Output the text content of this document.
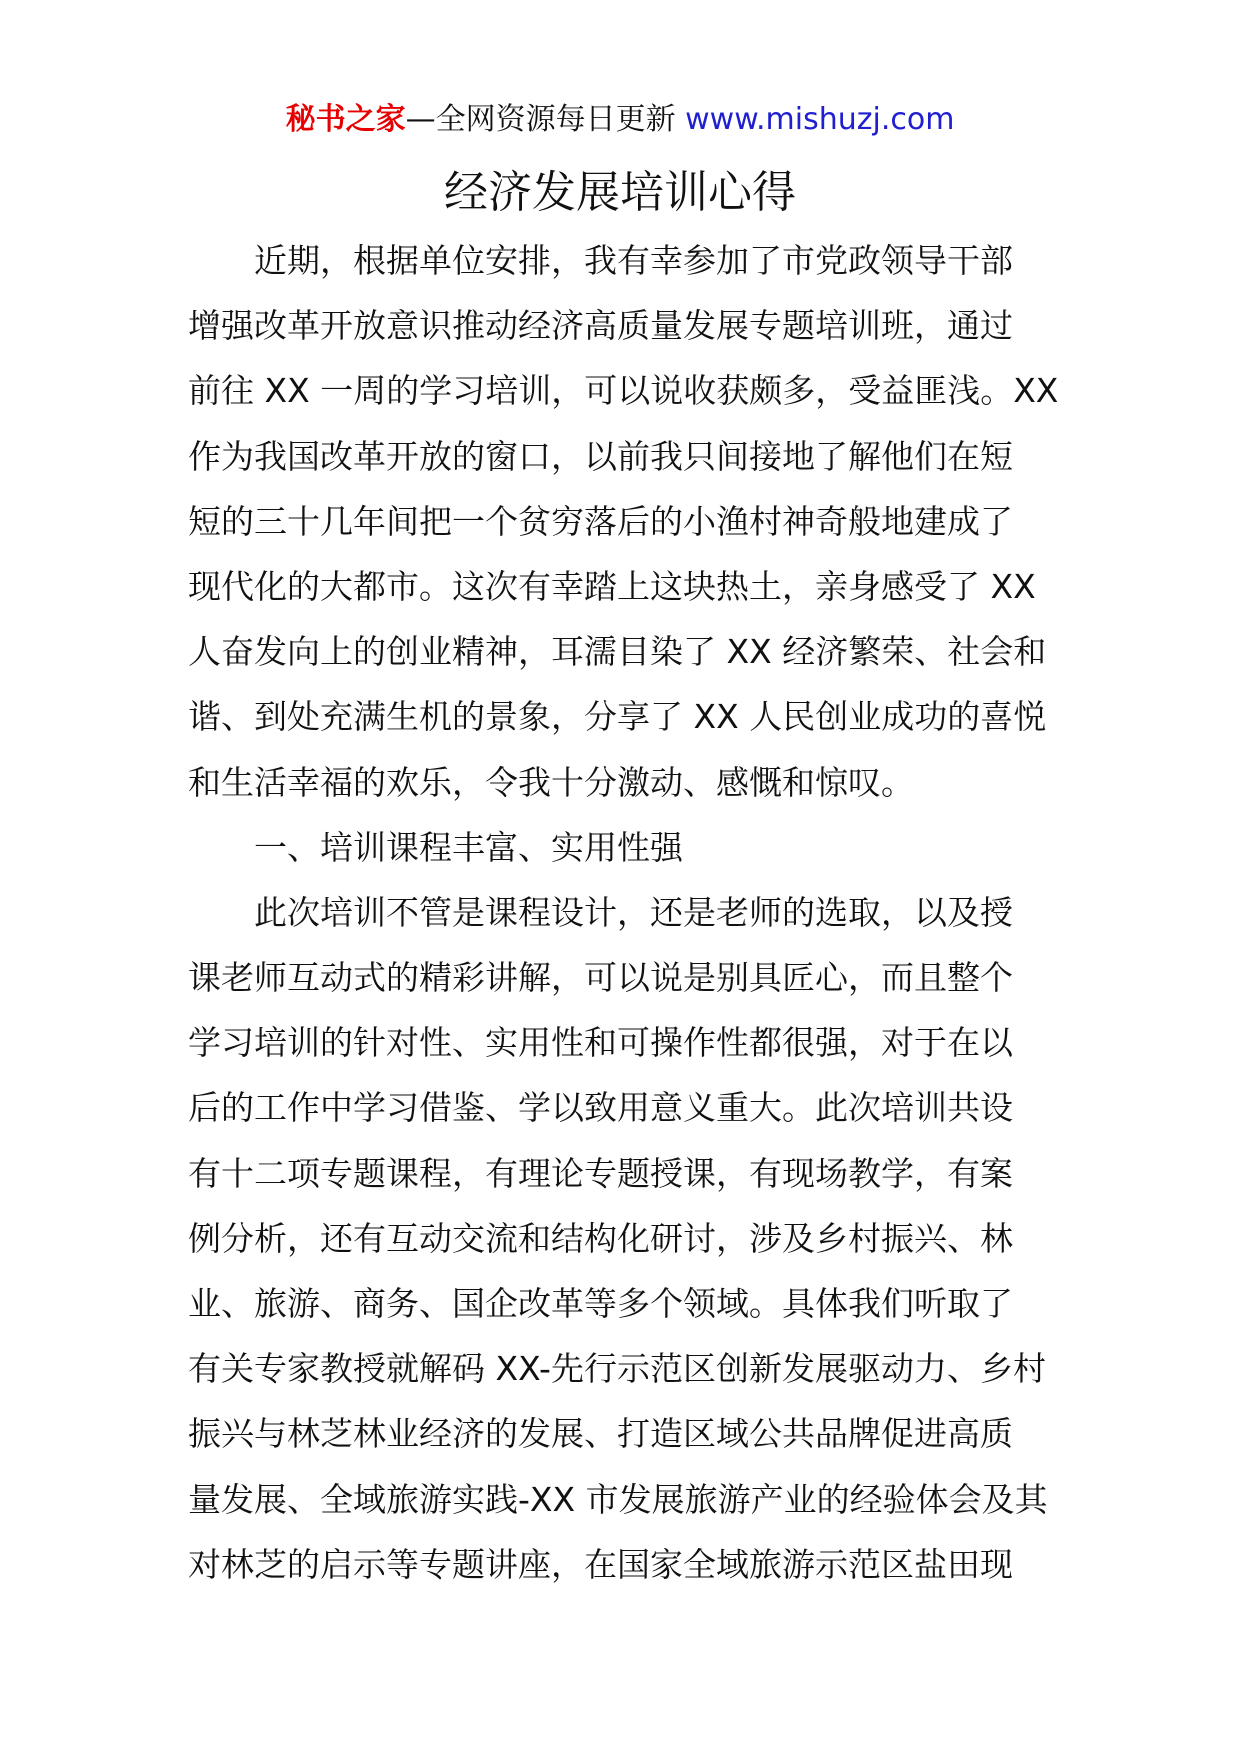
秘书之家—全网资源每日更新 www.mishuzj.com
经济发展培训心得
近期，根据单位安排，我有幸参加了市党政领导干部
增强改革开放意识推动经济高质量发展专题培训班，通过
前往 XX 一周的学习培训，可以说收获颇多，受益匪浅。XX
作为我国改革开放的窗口，以前我只间接地了解他们在短
短的三十几年间把一个贫穷落后的小渔村神奇般地建成了
现代化的大都市。这次有幸踏上这块热土，亲身感受了 XX
人奋发向上的创业精神，耳濡目染了 XX 经济繁荣、社会和
谐、到处充满生机的景象，分享了 XX 人民创业成功的喜悦
和生活幸福的欢乐，令我十分激动、感慨和惊叹。
一、培训课程丰富、实用性强
此次培训不管是课程设计，还是老师的选取，以及授
课老师互动式的精彩讲解，可以说是别具匠心，而且整个
学习培训的针对性、实用性和可操作性都很强，对于在以
后的工作中学习借鉴、学以致用意义重大。此次培训共设
有十二项专题课程，有理论专题授课，有现场教学，有案
例分析，还有互动交流和结构化研讨，涉及乡村振兴、林
业、旅游、商务、国企改革等多个领域。具体我们听取了
有关专家教授就解码 XX-先行示范区创新发展驱动力、乡村
振兴与林芝林业经济的发展、打造区域公共品牌促进高质
量发展、全域旅游实践-XX 市发展旅游产业的经验体会及其
对林芝的启示等专题讲座，在国家全域旅游示范区盐田现
